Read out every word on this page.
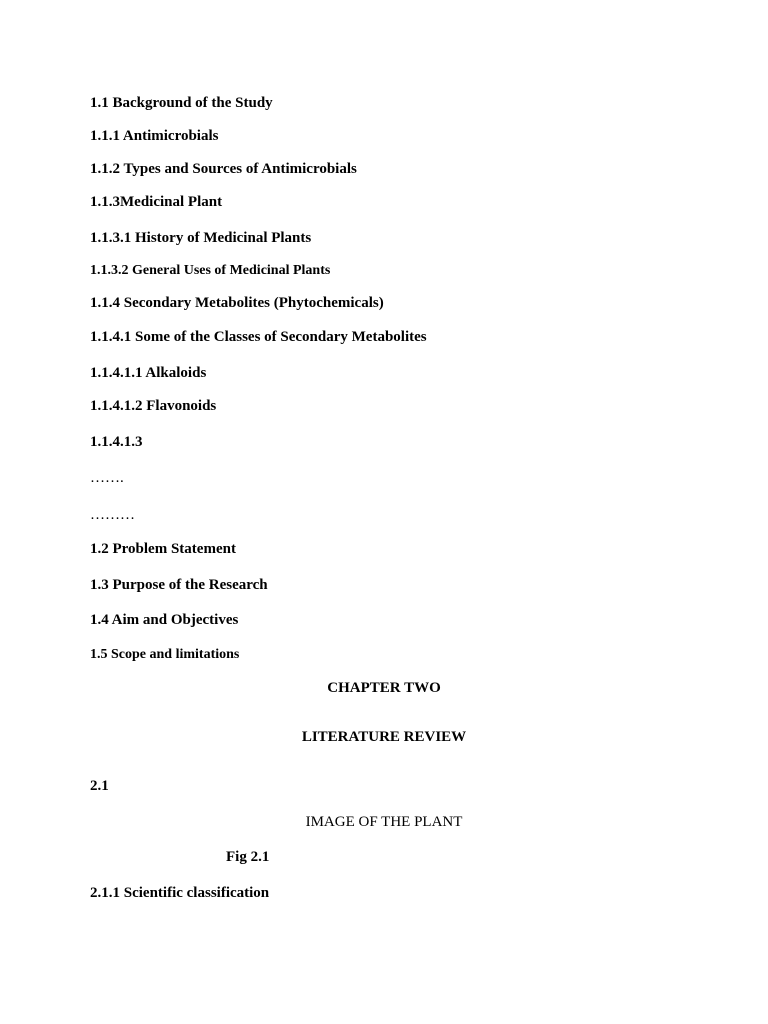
1.1 Background of the Study
1.1.1 Antimicrobials
1.1.2 Types and Sources of Antimicrobials
1.1.3Medicinal Plant
1.1.3.1 History of Medicinal Plants
1.1.3.2 General Uses of Medicinal Plants
1.1.4 Secondary Metabolites (Phytochemicals)
1.1.4.1 Some of the Classes of Secondary Metabolites
1.1.4.1.1 Alkaloids
1.1.4.1.2 Flavonoids
1.1.4.1.3
…….
………
1.2 Problem Statement
1.3 Purpose of the Research
1.4 Aim and Objectives
1.5 Scope and limitations
CHAPTER TWO
LITERATURE REVIEW
2.1
IMAGE OF THE PLANT
Fig 2.1
2.1.1 Scientific classification
